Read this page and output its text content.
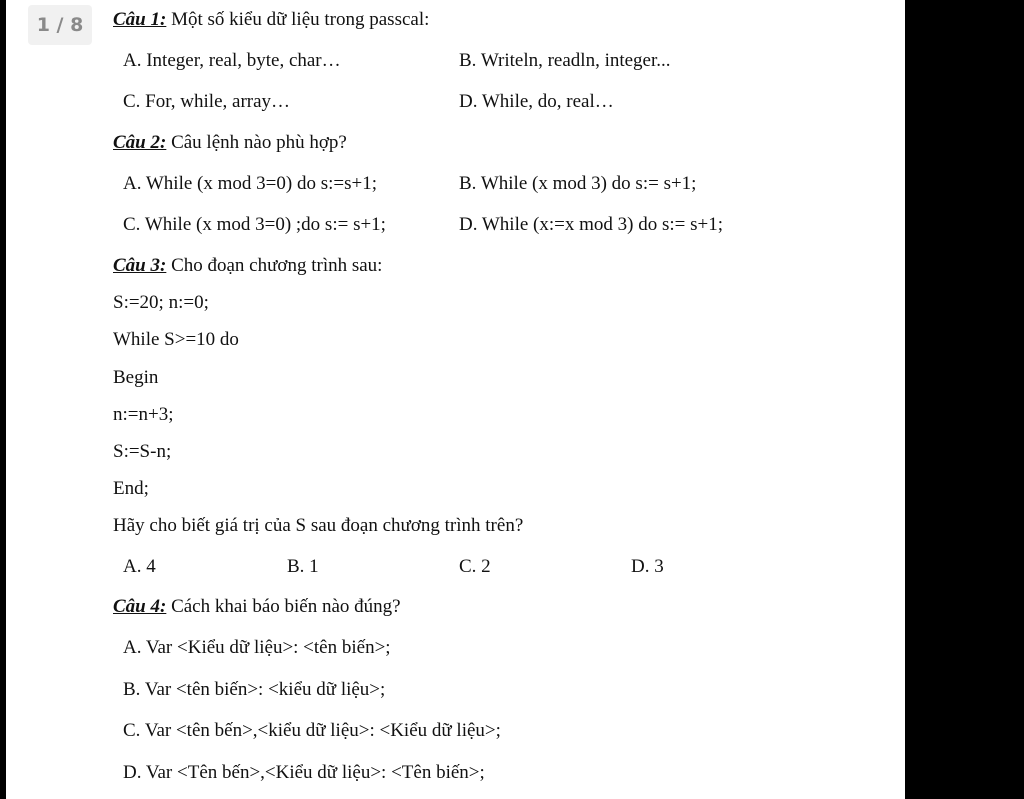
1 / 8	Câu 1: Một số kiểu dữ liệu trong passcal:
A. Integer, real, byte, char…	B. Writeln, readln, integer...
C. For, while, array…	D. While, do, real…
Câu 2: Câu lệnh nào phù hợp?
A. While (x mod 3=0) do s:=s+1;	B. While (x mod 3) do s:= s+1;
C. While (x mod 3=0) ;do s:= s+1;	D. While (x:=x mod 3) do s:= s+1;
Câu 3: Cho đoạn chương trình sau:
S:=20; n:=0;
While S>=10 do
Begin
n:=n+3;
S:=S-n;
End;
Hãy cho biết giá trị của S sau đoạn chương trình trên?
A. 4	B. 1	C. 2	D. 3
Câu 4: Cách khai báo biến nào đúng?
A. Var <Kiểu dữ liệu>: <tên biến>;
B. Var <tên biến>: <kiểu dữ liệu>;
C. Var <tên bến>,<kiểu dữ liệu>: <Kiểu dữ liệu>;
D. Var <Tên bến>,<Kiểu dữ liệu>: <Tên biến>;
